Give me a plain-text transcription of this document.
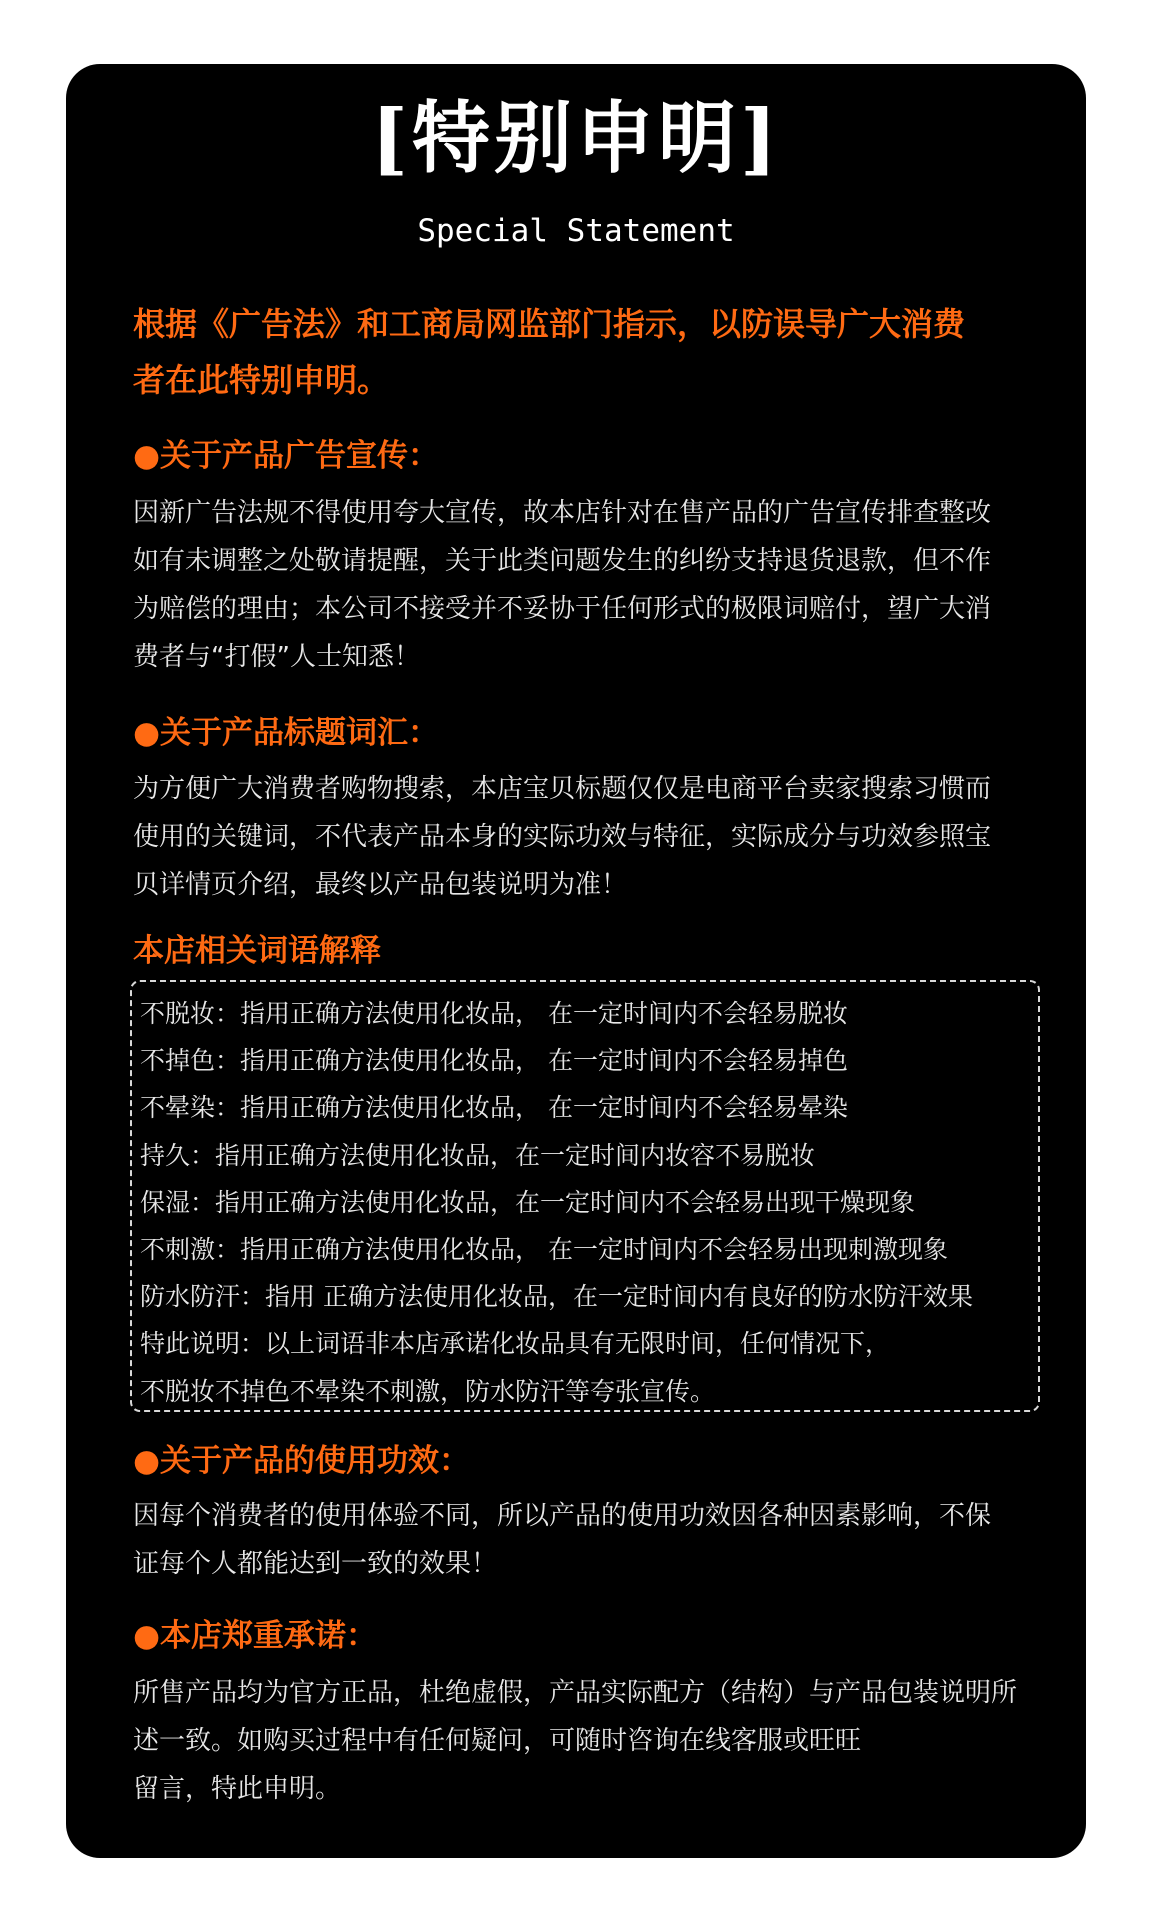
[特别申明]
Special Statement
根据《广告法》和工商局网监部门指示，以防误导广大消费
者在此特别申明。
●关于产品广告宣传：
因新广告法规不得使用夸大宣传，故本店针对在售产品的广告宣传排查整改
如有未调整之处敬请提醒，关于此类问题发生的纠纷支持退货退款，但不作
为赔偿的理由；本公司不接受并不妥协于任何形式的极限词赔付，望广大消
费者与“打假”人士知悉！
●关于产品标题词汇：
为方便广大消费者购物搜索，本店宝贝标题仅仅是电商平台卖家搜索习惯而
使用的关键词，不代表产品本身的实际功效与特征，实际成分与功效参照宝
贝详情页介绍，最终以产品包装说明为准！
本店相关词语解释
不脱妆：指用正确方法使用化妆品， 在一定时间内不会轻易脱妆
不掉色：指用正确方法使用化妆品， 在一定时间内不会轻易掉色
不晕染：指用正确方法使用化妆品， 在一定时间内不会轻易晕染
持久：指用正确方法使用化妆品，在一定时间内妆容不易脱妆
保湿：指用正确方法使用化妆品，在一定时间内不会轻易出现干燥现象
不刺激：指用正确方法使用化妆品， 在一定时间内不会轻易出现刺激现象
防水防汗：指用 正确方法使用化妆品，在一定时间内有良好的防水防汗效果
特此说明：以上词语非本店承诺化妆品具有无限时间，任何情况下，
不脱妆不掉色不晕染不刺激，防水防汗等夸张宣传。
●关于产品的使用功效：
因每个消费者的使用体验不同，所以产品的使用功效因各种因素影响，不保
证每个人都能达到一致的效果！
●本店郑重承诺：
所售产品均为官方正品，杜绝虚假，产品实际配方（结构）与产品包装说明所
述一致。如购买过程中有任何疑问，可随时咨询在线客服或旺旺
留言，特此申明。
